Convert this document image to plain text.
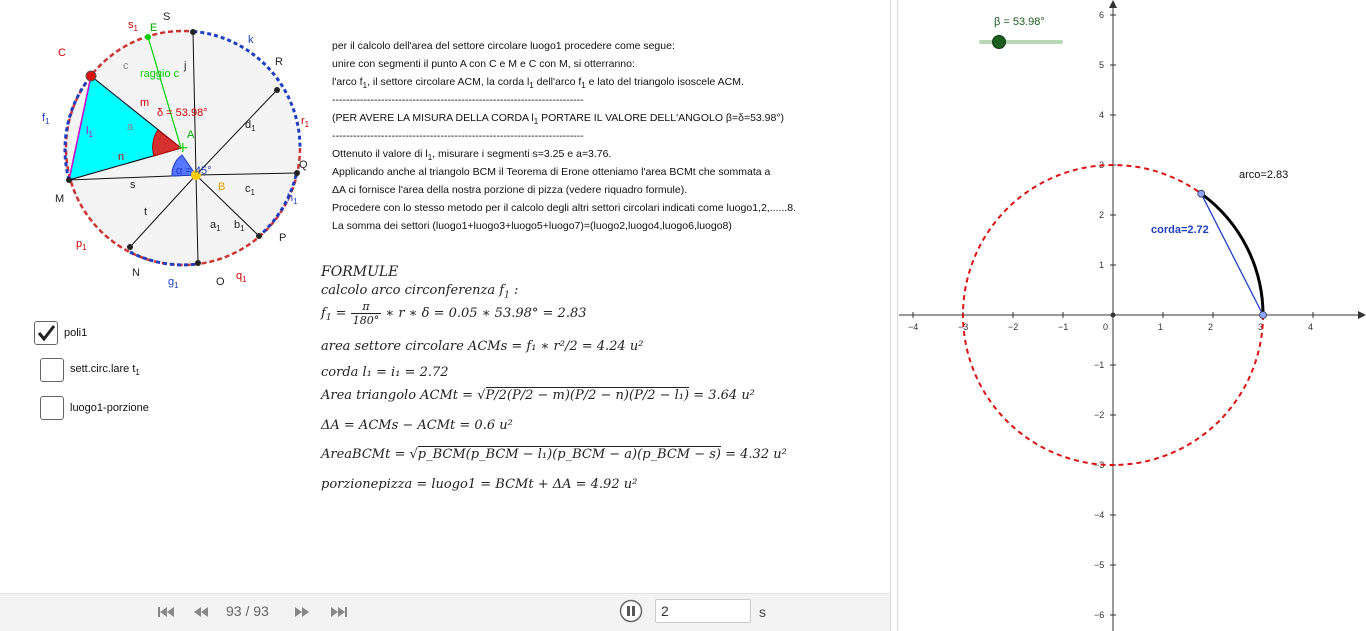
+
S
E
R
Q
P
O
N
M
C
A
B
k
$s_1$
$f_1$	$r_1$
$h_1$
$p_1$
$g_1$
$q_1$
c	j
raggio c
m
n
a
$l_1$
$d_1$
$c_1$
s
t
$a_1$ $b_1$
δ = 53.98°
α = 45°
per il calcolo dell'area del settore circolare luogo1 procedere come segue:
unire con segmenti il punto A con C e M e C con M, si otterranno:
l'arco $f_1$, il settore circolare ACM, la corda $l_1$ dell'arco $f_1$ e lato del triangolo isoscele ACM.
------------------------------------------------------------------------
(PER AVERE LA MISURA DELLA CORDA $l_1$ PORTARE IL VALORE DELL'ANGOLO β=δ=53.98°)
------------------------------------------------------------------------
Ottenuto il valore di $l_1$, misurare i segmenti s=3.25 e a=3.76.
Applicando anche al triangolo BCM il Teorema di Erone otteniamo l'area BCMt che sommata a
ΔA ci fornisce l'area della nostra porzione di pizza (vedere riquadro formule).
Procedere con lo stesso metodo per il calcolo degli altri settori circolari indicati come luogo1,2,......8.
La somma dei settori (luogo1+luogo3+luogo5+luogo7)=(luogo2,luogo4,luogo6,luogo8)
FORMULE
calcolo arco circonferenza $f_1$ :
$f_1 = \frac{\pi}{180^\circ}$
∗ r ∗ δ = 0.05 ∗ 53.98° = 2.83
area settore circolare ACMs = f₁ ∗ r²/2 = 4.24 u²
corda l₁ = i₁ = 2.72
Area triangolo ACMt = √P/2(P/2 − m)(P/2 − n)(P/2 − l₁) = 3.64 u²
ΔA = ACMs − ACMt = 0.6 u²
AreaBCMt = √p_BCM(p_BCM − l₁)(p_BCM − a)(p_BCM − s) = 4.32 u²
porzionepizza = luogo1 = BCMt + ΔA = 4.92 u²
poli1
sett.circ.lare $t_1$
luogo1-porzione
−4	−3	−2	−1	0	1	2	3	4
6
5
4
3
2
1
−1
−2
−3
−4
−5
−6
arco=2.83
corda=2.72
β = 53.98°
93 / 93
2	s
